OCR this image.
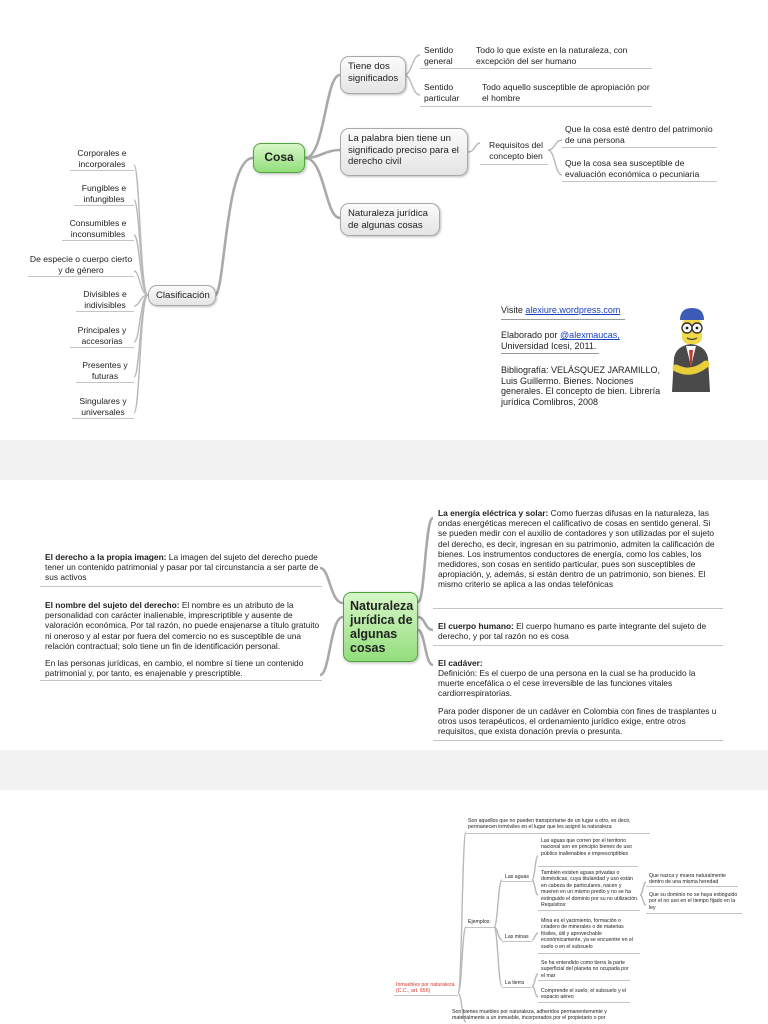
Corporales e incorporales
Fungibles e infungibles
Consumibles e inconsumibles
De especie o cuerpo cierto y de género
Divisibles e indivisibles
Principales y accesorias
Presentes y futuras
Singulares y universales
Clasificación
Cosa
Tiene dos significados
La palabra bien tiene un significado preciso para el derecho civil
Naturaleza jurídica de algunas cosas
Sentido general
Todo lo que existe en la naturaleza, con excepción del ser humano
Sentido particular
Todo aquello susceptible de apropiación por el hombre
Requisitos del concepto bien
Que la cosa esté dentro del patrimonio de una persona
Que la cosa sea susceptible de evaluación económica o pecuniaria
Visite alexiure.wordpress.com
Elaborado por @alexmaucas,
Universidad Icesi, 2011.
Bibliografía: VELÁSQUEZ JARAMILLO, Luis Guillermo. Bienes. Nociones generales. El concepto de bien. Librería jurídica Comlibros, 2008
El derecho a la propia imagen: La imagen del sujeto del derecho puede tener un contenido patrimonial y pasar por tal circunstancia a ser parte de sus activos
El nombre del sujeto del derecho: El nombre es un atributo de la personalidad con carácter inalienable, imprescriptible y ausente de valoración económica. Por tal razón, no puede enajenarse a título gratuito ni oneroso y al estar por fuera del comercio no es susceptible de una relación contractual; solo tiene un fin de identificación personal.
En las personas jurídicas, en cambio, el nombre sí tiene un contenido patrimonial y, por tanto, es enajenable y prescriptible.
Naturaleza jurídica de algunas cosas
La energía eléctrica y solar: Como fuerzas difusas en la naturaleza, las ondas energéticas merecen el calificativo de cosas en sentido general. Si se pueden medir con el auxilio de contadores y son utilizadas por el sujeto del derecho, es decir, ingresan en su patrimonio, admiten la calificación de bienes. Los instrumentos conductores de energía, como los cables, los medidores, son cosas en sentido particular, pues son susceptibles de apropiación, y, además, si están dentro de un patrimonio, son bienes. El mismo criterio se aplica a las ondas telefónicas
El cuerpo humano: El cuerpo humano es parte integrante del sujeto de derecho, y por tal razón no es cosa
El cadáver:
Definición: Es el cuerpo de una persona en la cual se ha producido la muerte encefálica o el cese irreversible de las funciones vitales cardiorrespiratorias.
Para poder disponer de un cadáver en Colombia con fines de trasplantes u otros usos terapéuticos, el ordenamiento jurídico exige, entre otros requisitos, que exista donación previa o presunta.
Son aquellos que no pueden transportarse de un lugar a otro, es decir, permanecen inmóviles en el lugar que les asignó la naturaleza
Ejemplos:
Las aguas
Las aguas que corren por el territorio nacional son en principio bienes de uso público inalienables e imprescriptibles
También existen aguas privadas o domésticas, cuya titularidad y uso están en cabeza de particulares, nacen y mueren en un mismo predio y no se ha extinguido el dominio por su no utilización. Requisitos:
Que nazca y muera naturalmente dentro de una misma heredad
Que su dominio no se haya extinguido por el no uso en el tiempo fijado en la ley
Las minas
Mina es el yacimiento, formación o criadero de minerales o de materias fósiles, útil y aprovechable económicamente, ya se encuentre en el suelo o en el subsuelo
La tierra
Se ha entendido como tierra la parte superficial del planeta no ocupada por el mar
Comprende el suelo, el subsuelo y el espacio aéreo
Inmuebles por naturaleza (C.C., art. 656)
Son bienes muebles por naturaleza, adheridos permanentemente y materialmente a un inmueble, incorporados por el propietario o por
